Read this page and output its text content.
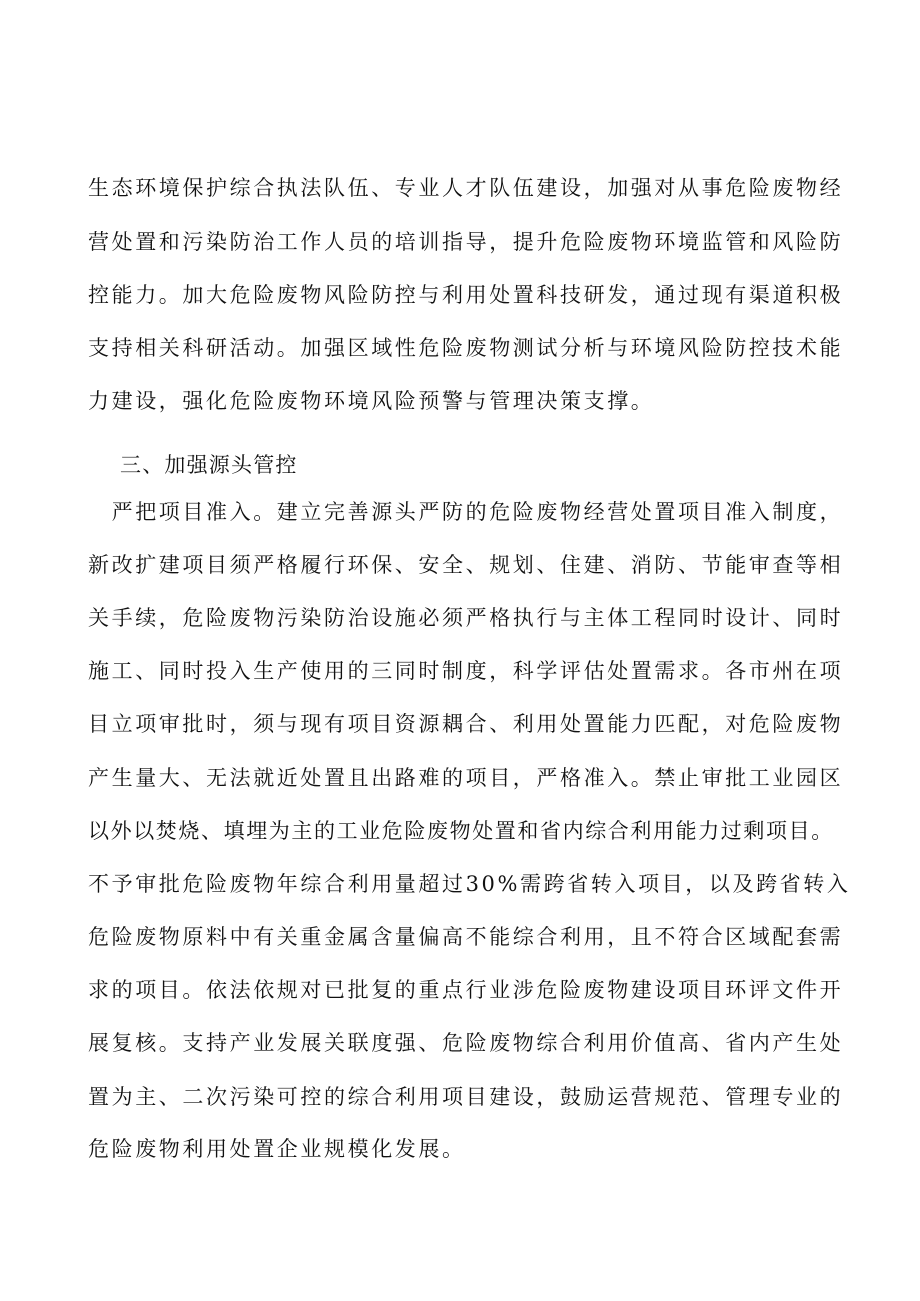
生态环境保护综合执法队伍、专业人才队伍建设，加强对从事危险废物经
营处置和污染防治工作人员的培训指导，提升危险废物环境监管和风险防
控能力。加大危险废物风险防控与利用处置科技研发，通过现有渠道积极
支持相关科研活动。加强区域性危险废物测试分析与环境风险防控技术能
力建设，强化危险废物环境风险预警与管理决策支撑。
三、加强源头管控
　严把项目准入。建立完善源头严防的危险废物经营处置项目准入制度，
新改扩建项目须严格履行环保、安全、规划、住建、消防、节能审查等相
关手续，危险废物污染防治设施必须严格执行与主体工程同时设计、同时
施工、同时投入生产使用的三同时制度，科学评估处置需求。各市州在项
目立项审批时，须与现有项目资源耦合、利用处置能力匹配，对危险废物
产生量大、无法就近处置且出路难的项目，严格准入。禁止审批工业园区
以外以焚烧、填埋为主的工业危险废物处置和省内综合利用能力过剩项目。
不予审批危险废物年综合利用量超过30%需跨省转入项目，以及跨省转入
危险废物原料中有关重金属含量偏高不能综合利用，且不符合区域配套需
求的项目。依法依规对已批复的重点行业涉危险废物建设项目环评文件开
展复核。支持产业发展关联度强、危险废物综合利用价值高、省内产生处
置为主、二次污染可控的综合利用项目建设，鼓励运营规范、管理专业的
危险废物利用处置企业规模化发展。
